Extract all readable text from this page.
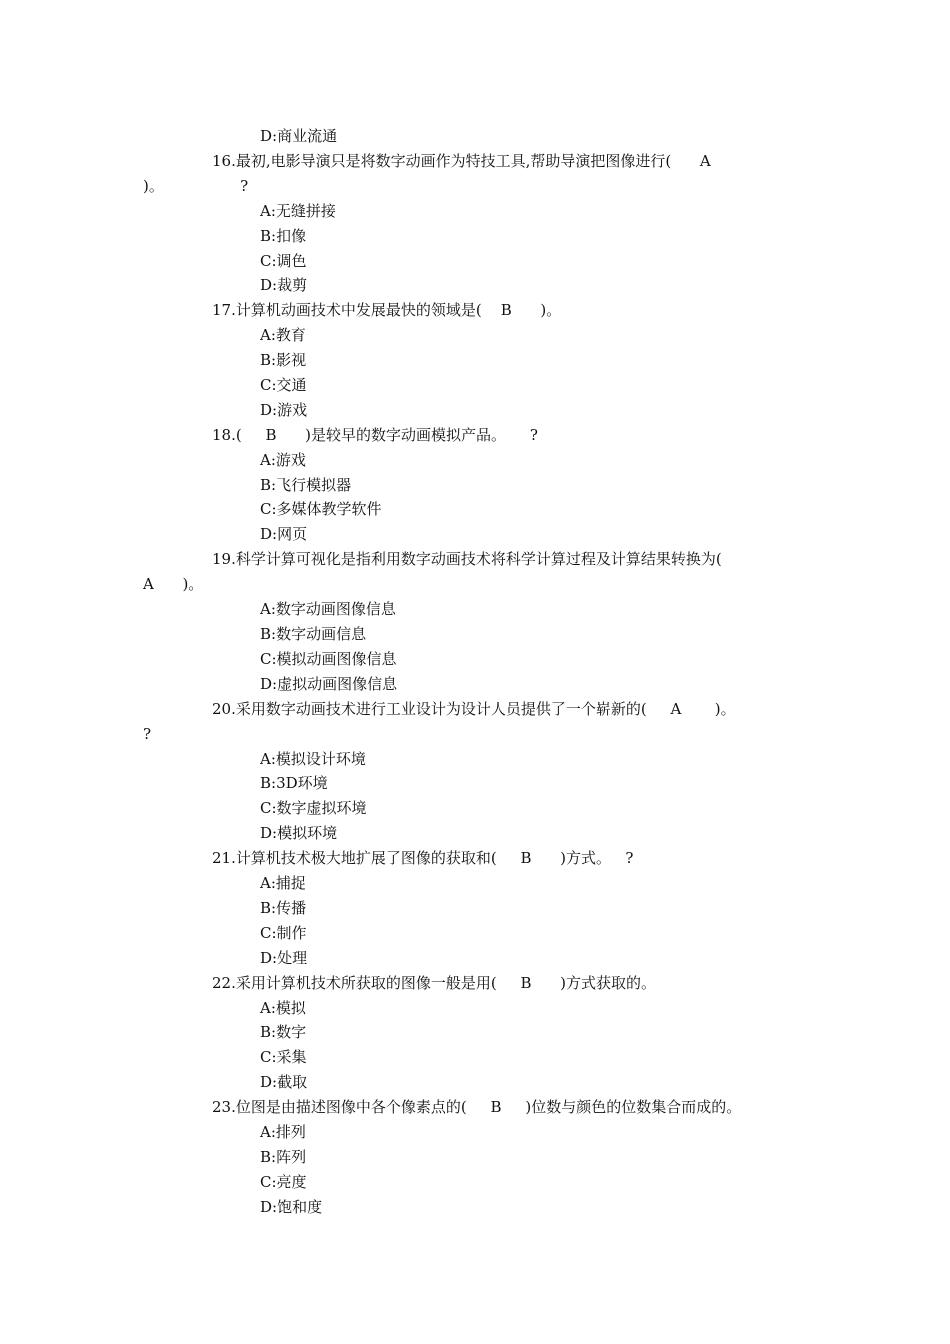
D:商业流通
16.最初,电影导演只是将数字动画作为特技工具,帮助导演把图像进行(      A
)。                ?
A:无缝拼接
B:扣像
C:调色
D:裁剪
17.计算机动画技术中发展最快的领域是(    B      )。
A:教育
B:影视
C:交通
D:游戏
18.(     B      )是较早的数字动画模拟产品。     ?
A:游戏
B:飞行模拟器
C:多媒体教学软件
D:网页
19.科学计算可视化是指利用数字动画技术将科学计算过程及计算结果转换为(
A      )。
A:数字动画图像信息
B:数字动画信息
C:模拟动画图像信息
D:虚拟动画图像信息
20.采用数字动画技术进行工业设计为设计人员提供了一个崭新的(     A       )。
?
A:模拟设计环境
B:3D环境
C:数字虚拟环境
D:模拟环境
21.计算机技术极大地扩展了图像的获取和(     B      )方式。   ?
A:捕捉
B:传播
C:制作
D:处理
22.采用计算机技术所获取的图像一般是用(     B      )方式获取的。
A:模拟
B:数字
C:采集
D:截取
23.位图是由描述图像中各个像素点的(     B     )位数与颜色的位数集合而成的。
A:排列
B:阵列
C:亮度
D:饱和度
